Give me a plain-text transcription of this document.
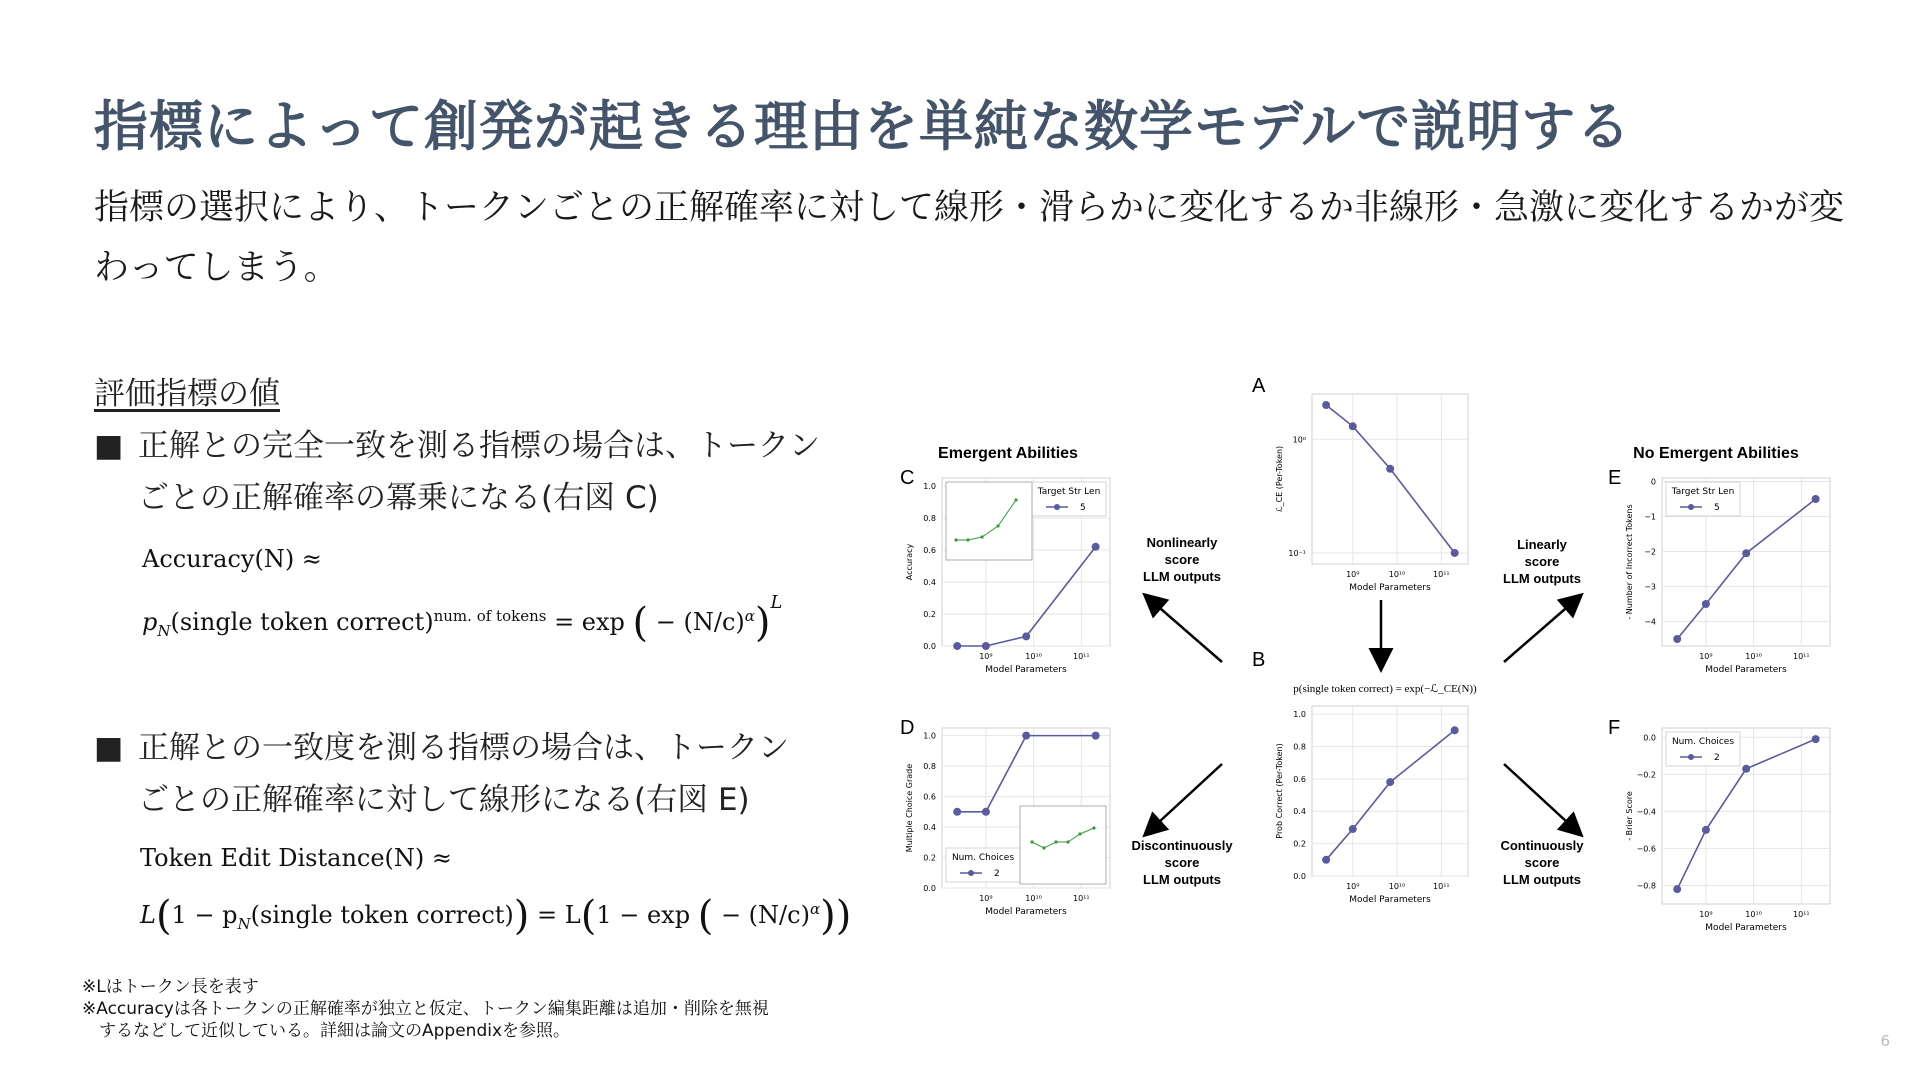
指標によって創発が起きる理由を単純な数学モデルで説明する
指標の選択により、トークンごとの正解確率に対して線形・滑らかに変化するか非線形・急激に変化するかが変わってしまう。
評価指標の値
■ 正解との完全一致を測る指標の場合は、トークン
ごとの正解確率の冪乗になる(右図 C)
Accuracy(N) ≈
$p_N(single$ token correct)$^{num. of tokens}$ = exp ( − $(N/c)^\alpha)^L$
■ 正解との一致度を測る指標の場合は、トークン
ごとの正解確率に対して線形になる(右図 E)
Token Edit Distance(N) ≈
$L(1 - p_N(single$ token correct)) = L(1 − exp ( − $(N/c)^\alpha$))
※Lはトークン長を表す
※Accuracyは各トークンの正解確率が独立と仮定、トークン編集距離は追加・削除を無視
　するなどして近似している。詳細は論文のAppendixを参照。	6
Emergent Abilities	No Emergent Abilities
Nonlinearly
score
LLM outputs
Linearly
score
LLM outputs
Discontinuously
score
LLM outputs
Continuously
score
LLM outputs
p(single token correct) = exp(−ℒ_CE(N))
A
10⁹	10¹⁰	10¹¹
10⁰
10⁻¹
Model Parameters
ℒ_CE (Per-Token)
B
10⁹	10¹⁰	10¹¹
0.0
0.2
0.4
0.6
0.8
1.0
Model Parameters
Prob Correct (Per-Token)
C
10⁹	10¹⁰	10¹¹
0.0
0.2
0.4
0.6
0.8
1.0
Model Parameters
Accuracy
Target Str Len
5
D
10⁹	10¹⁰	10¹¹
0.0
0.2
0.4
0.6
0.8
1.0
Model Parameters
Multiple Choice Grade
Num. Choices
2
E
10⁹	10¹⁰	10¹¹
0
−1
−2
−3
−4
Model Parameters
- Number of Incorrect Tokens
Target Str Len
5
F
10⁹	10¹⁰	10¹¹
0.0
−0.2
−0.4
−0.6
−0.8
Model Parameters
- Brier Score
Num. Choices
2
